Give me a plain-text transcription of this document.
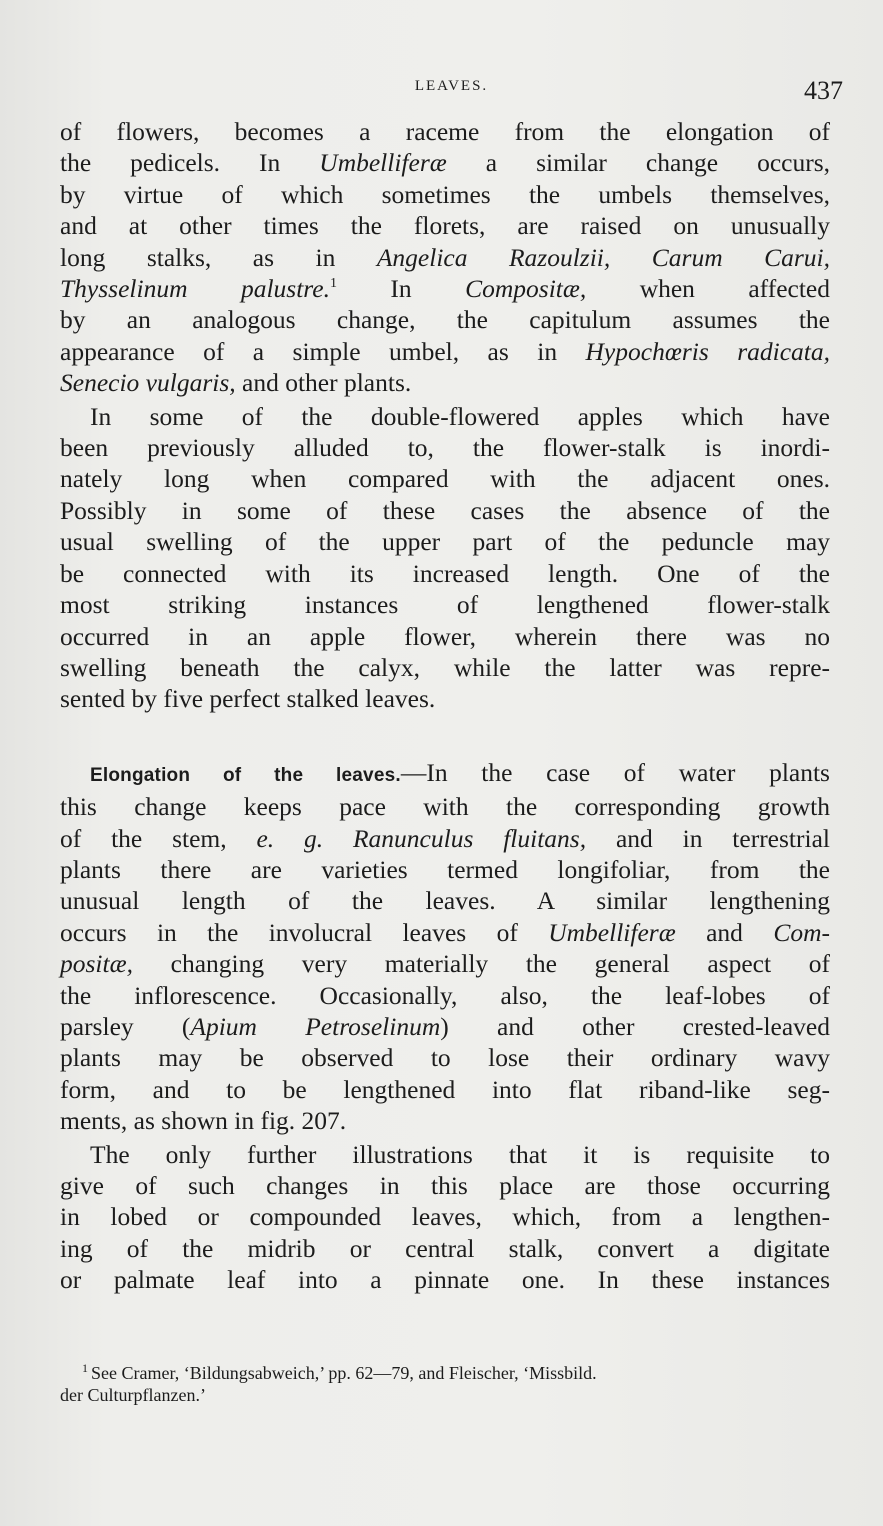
LEAVES.	437

of flowers, becomes a raceme from the elongation of
the pedicels. In Umbelliferæ a similar change occurs,
by virtue of which sometimes the umbels themselves,
and at other times the florets, are raised on unusually
long stalks, as in Angelica Razoulzii, Carum Carui,
Thysselinum palustre.$^1$ In Compositæ, when affected
by an analogous change, the capitulum assumes the
appearance of a simple umbel, as in Hypochœris radicata,
Senecio vulgaris, and other plants.

In some of the double-flowered apples which have
been previously alluded to, the flower-stalk is inordi-
nately long when compared with the adjacent ones.
Possibly in some of these cases the absence of the
usual swelling of the upper part of the peduncle may
be connected with its increased length. One of the
most striking instances of lengthened flower-stalk
occurred in an apple flower, wherein there was no
swelling beneath the calyx, while the latter was repre-
sented by five perfect stalked leaves.

Elongation of the leaves.—In the case of water plants
this change keeps pace with the corresponding growth
of the stem, e. g. Ranunculus fluitans, and in terrestrial
plants there are varieties termed longifoliar, from the
unusual length of the leaves. A similar lengthening
occurs in the involucral leaves of Umbelliferæ and Com-
positæ, changing very materially the general aspect of
the inflorescence. Occasionally, also, the leaf-lobes of
parsley (Apium Petroselinum) and other crested-leaved
plants may be observed to lose their ordinary wavy
form, and to be lengthened into flat riband-like seg-
ments, as shown in fig. 207.

The only further illustrations that it is requisite to
give of such changes in this place are those occurring
in lobed or compounded leaves, which, from a lengthen-
ing of the midrib or central stalk, convert a digitate
or palmate leaf into a pinnate one. In these instances

$^1$ See Cramer, ‘Bildungsabweich,’ pp. 62—79, and Fleischer, ‘Missbild.
der Culturpflanzen.’
